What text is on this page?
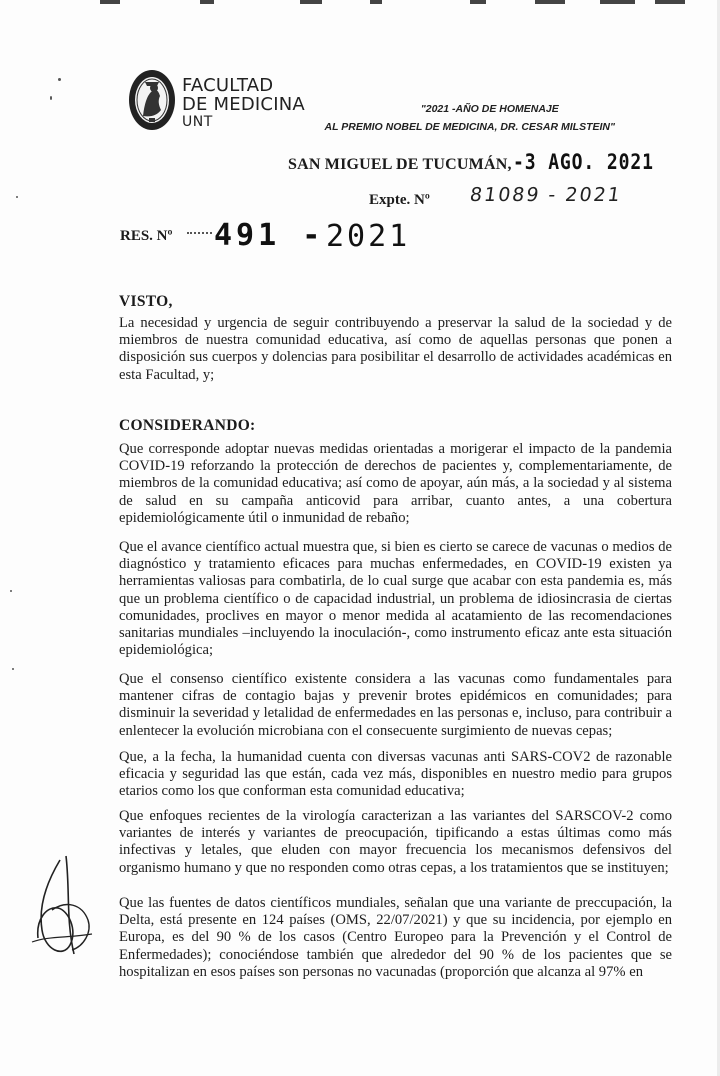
FACULTAD
DE MEDICINA
UNT
"2021 -AÑO DE HOMENAJE
AL PREMIO NOBEL DE MEDICINA, DR. CESAR MILSTEIN"
SAN MIGUEL DE TUCUMÁN, -3 AGO. 2021
Expte. Nº 81089 - 2021
RES. Nº 491 - 2021
VISTO,
La necesidad y urgencia de seguir contribuyendo a preservar la salud de la sociedad y de miembros de nuestra comunidad educativa, así como de aquellas personas que ponen a disposición sus cuerpos y dolencias para posibilitar el desarrollo de actividades académicas en esta Facultad, y;
CONSIDERANDO:
Que corresponde adoptar nuevas medidas orientadas a morigerar el impacto de la pandemia COVID-19 reforzando la protección de derechos de pacientes y, complementariamente, de miembros de la comunidad educativa; así como de apoyar, aún más, a la sociedad y al sistema de salud en su campaña anticovid para arribar, cuanto antes, a una cobertura epidemiológicamente útil o inmunidad de rebaño;
Que el avance científico actual muestra que, si bien es cierto se carece de vacunas o medios de diagnóstico y tratamiento eficaces para muchas enfermedades, en COVID-19 existen ya herramientas valiosas para combatirla, de lo cual surge que acabar con esta pandemia es, más que un problema científico o de capacidad industrial, un problema de idiosincrasia de ciertas comunidades, proclives en mayor o menor medida al acatamiento de las recomendaciones sanitarias mundiales –incluyendo la inoculación-, como instrumento eficaz ante esta situación epidemiológica;
Que el consenso científico existente considera a las vacunas como fundamentales para mantener cifras de contagio bajas y prevenir brotes epidémicos en comunidades; para disminuir la severidad y letalidad de enfermedades en las personas e, incluso, para contribuir a enlentecer la evolución microbiana con el consecuente surgimiento de nuevas cepas;
Que, a la fecha, la humanidad cuenta con diversas vacunas anti SARS-COV2 de razonable eficacia y seguridad las que están, cada vez más, disponibles en nuestro medio para grupos etarios como los que conforman esta comunidad educativa;
Que enfoques recientes de la virología caracterizan a las variantes del SARSCOV-2 como variantes de interés y variantes de preocupación, tipificando a estas últimas como más infectivas y letales, que eluden con mayor frecuencia los mecanismos defensivos del organismo humano y que no responden como otras cepas, a los tratamientos que se instituyen;
Que las fuentes de datos científicos mundiales, señalan que una variante de preccupación, la Delta, está presente en 124 países (OMS, 22/07/2021) y que su incidencia, por ejemplo en Europa, es del 90 % de los casos (Centro Europeo para la Prevención y el Control de Enfermedades); conociéndose también que alrededor del 90 % de los pacientes que se hospitalizan en esos países son personas no vacunadas (proporción que alcanza al 97% en
